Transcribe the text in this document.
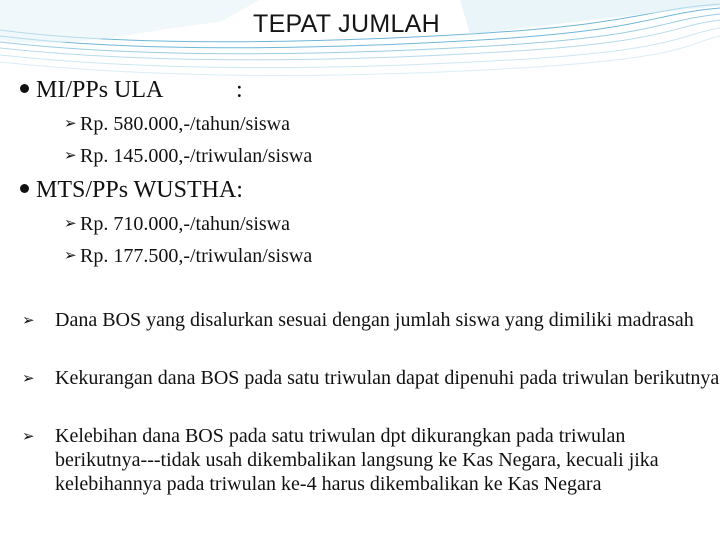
TEPAT JUMLAH
MI/PPs ULA	:
➢ Rp. 580.000,-/tahun/siswa
➢ Rp. 145.000,-/triwulan/siswa
MTS/PPs WUSTHA:
➢ Rp. 710.000,-/tahun/siswa
➢ Rp. 177.500,-/triwulan/siswa
➢ Dana BOS yang disalurkan sesuai dengan jumlah siswa yang dimiliki madrasah
➢ Kekurangan dana BOS pada satu triwulan dapat dipenuhi pada triwulan berikutnya
➢ Kelebihan dana BOS pada satu triwulan dpt dikurangkan pada triwulan berikutnya---tidak usah dikembalikan langsung ke Kas Negara, kecuali jika kelebihannya pada triwulan ke-4 harus dikembalikan ke Kas Negara
